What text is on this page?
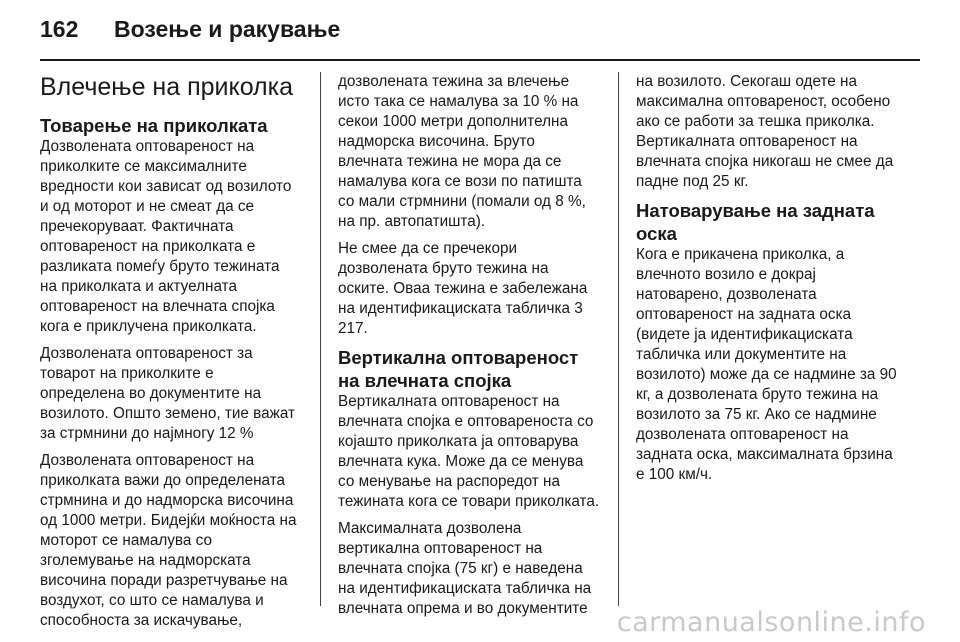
162	Возење и ракување
Влечење на приколка
Товарење на приколката

Дозволената оптовареност на приколките се максималните вредности кои зависат од возилото и од моторот и не смеат да се пречекоруваат. Фактичната оптовареност на приколката е разликата помеѓу бруто тежината на приколката и актуелната оптовареност на влечната спојка кога е приклучена приколката.

Дозволената оптовареност за товарот на приколките е определена во документите на возилото. Општо земено, тие важат за стрмнини до најмногу 12 %

Дозволената оптовареност на приколката важи до определената стрмнина и до надморска височина од 1000 метри. Бидејќи моќноста на моторот се намалува со зголемување на надморската височина поради разретчување на воздухот, со што се намалува и способноста за искачување,

дозволената тежина за влечење исто така се намалува за 10 % на секои 1000 метри дополнителна надморска височина. Бруто влечната тежина не мора да се намалува кога се вози по патишта со мали стрмнини (помали од 8 %, на пр. автопатишта).

Не смее да се пречекори дозволената бруто тежина на оските. Оваа тежина е забележана на идентификациската табличка 3 217.

Вертикална оптовареност на влечната спојка

Вертикалната оптовареност на влечната спојка е оптовареноста со којашто приколката ја оптоварува влечната кука. Може да се менува со менување на распоредот на тежината кога се товари приколката.

Максималната дозволена вертикална оптовареност на влечната спојка (75 кг) е наведена на идентификациската табличка на влечната опрема и во документите

на возилото. Секогаш одете на максимална оптовареност, особено ако се работи за тешка приколка. Вертикалната оптовареност на влечната спојка никогаш не смее да падне под 25 кг.

Натоварување на задната оска

Кога е прикачена приколка, а влечното возило е докрај натоварено, дозволената оптовареност на задната оска (видете ја идентификациската табличка или документите на возилото) може да се надмине за 90 кг, а дозволената бруто тежина на возилото за 75 кг. Ако се надмине дозволената оптовареност на задната оска, максималната брзина е 100 км/ч.

carmanualsonline.info
